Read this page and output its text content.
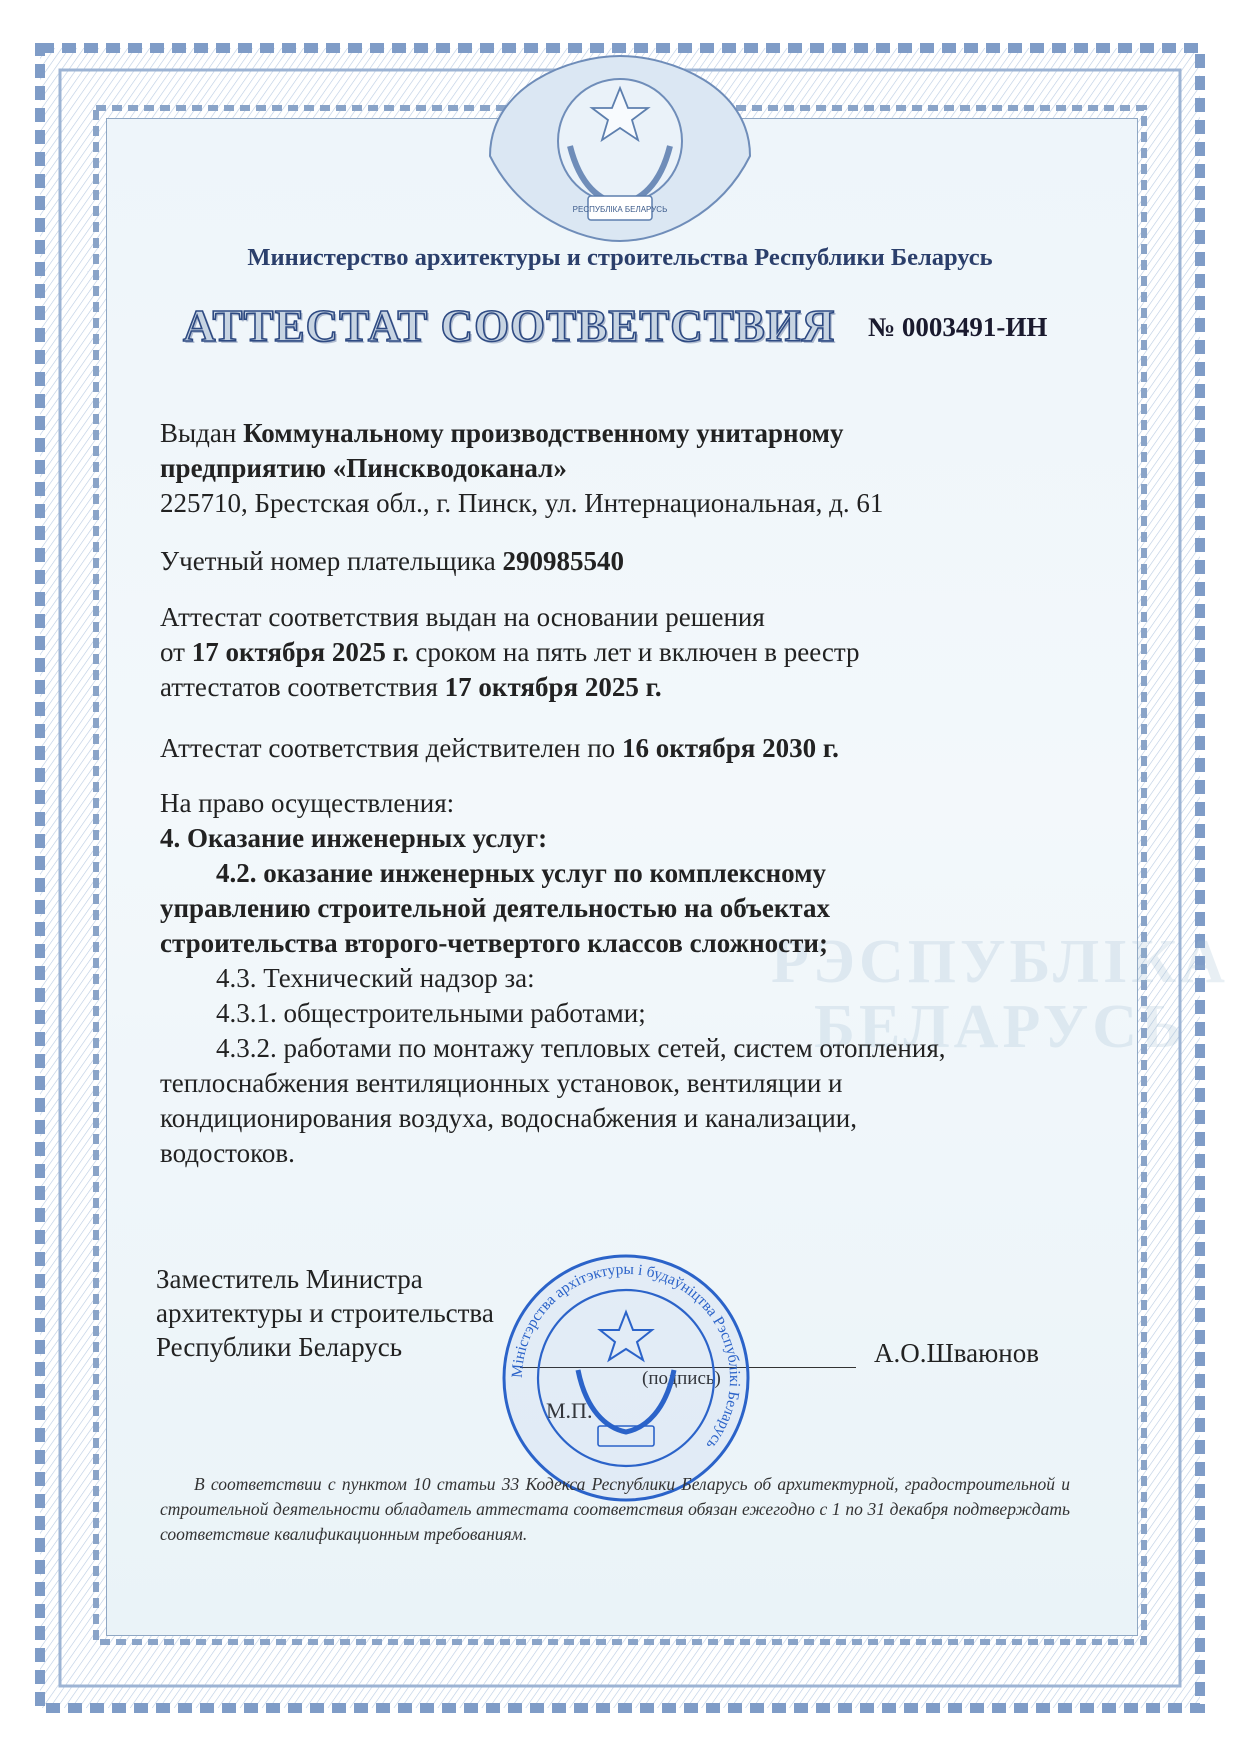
РЕСПУБЛІКА БЕЛАРУСЬ
РЭСПУБЛІКА БЕЛАРУСЬ
Министерство архитектуры и строительства Республики Беларусь
АТТЕСТАТ СООТВЕТСТВИЯ № 0003491-ИН
Выдан Коммунальному производственному унитарному
предприятию «Пинскводоканал»
225710, Брестская обл., г. Пинск, ул. Интернациональная, д. 61
Учетный номер плательщика 290985540
Аттестат соответствия выдан на основании решения
от 17 октября 2025 г. сроком на пять лет и включен в реестр
аттестатов соответствия 17 октября 2025 г.
Аттестат соответствия действителен по 16 октября 2030 г.
На право осуществления:
4. Оказание инженерных услуг:
4.2. оказание инженерных услуг по комплексному
управлению строительной деятельностью на объектах
строительства второго-четвертого классов сложности;
4.3. Технический надзор за:
4.3.1. общестроительными работами;
4.3.2. работами по монтажу тепловых сетей, систем отопления,
теплоснабжения вентиляционных установок, вентиляции и
кондиционирования воздуха, водоснабжения и канализации,
водостоков.
Заместитель Министра
архитектуры и строительства
Республики Беларусь	А.О.Шваюнов
Міністэрства архітэктуры і будаўніцтва Рэспублікі Беларусь
В соответствии с пунктом 10 статьи 33 Кодекса Республики Беларусь об архитектурной, градостроительной и строительной деятельности обладатель аттестата соответствия обязан ежегодно с 1 по 31 декабря подтверждать соответствие квалификационным требованиям.
